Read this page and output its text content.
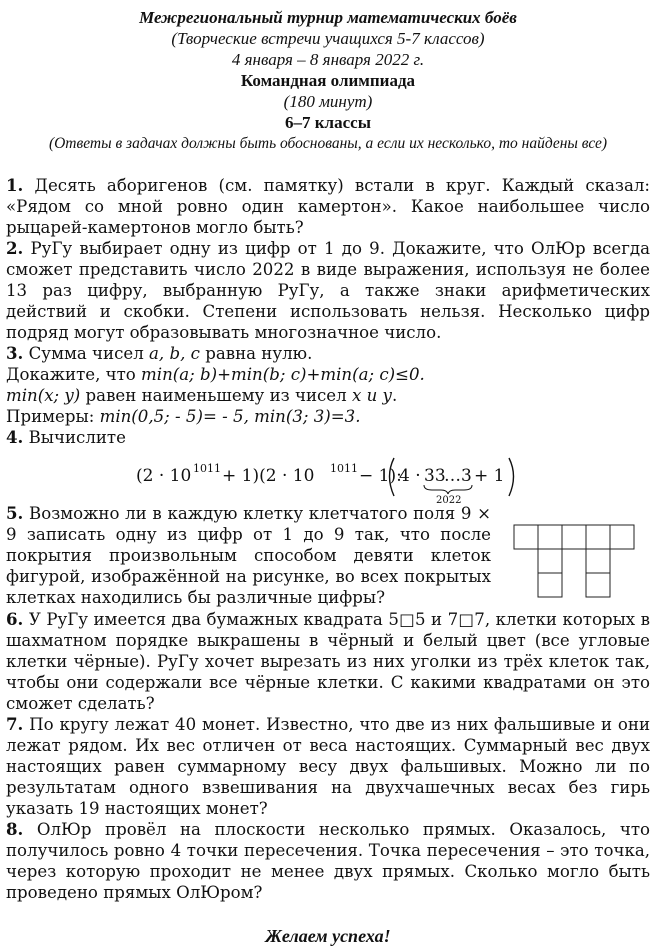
Межрегиональный турнир математических боёв
(Творческие встречи учащихся 5-7 классов)
4 января – 8 января 2022 г.
Командная олимпиада
(180 минут)
6–7 классы
(Ответы в задачах должны быть обоснованы, а если их несколько, то найдены все)
1. Десять аборигенов (см. памятку) встали в круг. Каждый сказал: «Рядом со мной ровно один камертон». Какое наибольшее число рыцарей-камертонов могло быть?
2. РуГу выбирает одну из цифр от 1 до 9. Докажите, что ОлЮр всегда сможет представить число 2022 в виде выражения, используя не более 13 раз цифру, выбранную РуГу, а также знаки арифметических действий и скобки. Степени использовать нельзя. Несколько цифр подряд могут образовывать многозначное число.
3. Сумма чисел a, b, c равна нулю.
Докажите, что min(a; b)+min(b; c)+min(a; c)≤0.
min(x; y) равен наименьшему из чисел x и y.
Примеры: min(0,5; - 5)= - 5, min(3; 3)=3.
4. Вычислите
(2 · 10 1011 + 1)(2 · 10 1011 − 1):
4 · 33
…3
2022
+ 1
5. Возможно ли в каждую клетку клетчатого поля 9 × 9 записать одну из цифр от 1 до 9 так, что после покрытия произвольным способом девяти клеток фигурой, изображённой на рисунке, во всех покрытых клетках находились бы различные цифры?
6. У РуГу имеется два бумажных квадрата 5□5 и 7□7, клетки которых в шахматном порядке выкрашены в чёрный и белый цвет (все угловые клетки чёрные). РуГу хочет вырезать из них уголки из трёх клеток так, чтобы они содержали все чёрные клетки. С какими квадратами он это сможет сделать?
7. По кругу лежат 40 монет. Известно, что две из них фальшивые и они лежат рядом. Их вес отличен от веса настоящих. Суммарный вес двух настоящих равен суммарному весу двух фальшивых. Можно ли по результатам одного взвешивания на двухчашечных весах без гирь указать 19 настоящих монет?
8. ОлЮр провёл на плоскости несколько прямых. Оказалось, что получилось ровно 4 точки пересечения. Точка пересечения – это точка, через которую проходит не менее двух прямых. Сколько могло быть проведено прямых ОлЮром?
Желаем успеха!
